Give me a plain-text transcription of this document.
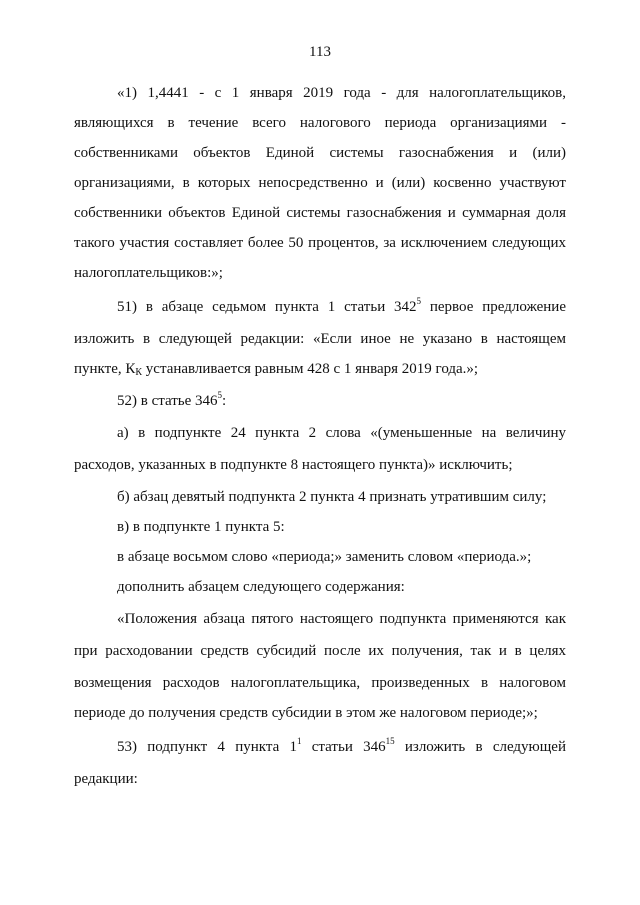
113
«1) 1,4441 - с 1 января 2019 года - для налогоплательщиков,
являющихся в течение всего налогового периода организациями -
собственниками объектов Единой системы газоснабжения и (или)
организациями, в которых непосредственно и (или) косвенно участвуют
собственники объектов Единой системы газоснабжения и суммарная доля
такого участия составляет более 50 процентов, за исключением следующих
налогоплательщиков:»;
51) в абзаце седьмом пункта 1 статьи $342^5$ первое предложение
изложить в следующей редакции: «Если иное не указано в настоящем
пункте, $К_К$ устанавливается равным 428 с 1 января 2019 года.»;
52) в статье $346^5$:
а) в подпункте 24 пункта 2 слова «(уменьшенные на величину
расходов, указанных в подпункте 8 настоящего пункта)» исключить;
б) абзац девятый подпункта 2 пункта 4 признать утратившим силу;
в) в подпункте 1 пункта 5:
в абзаце восьмом слово «периода;» заменить словом «периода.»;
дополнить абзацем следующего содержания:
«Положения абзаца пятого настоящего подпункта применяются как
при расходовании средств субсидий после их получения, так и в целях
возмещения расходов налогоплательщика, произведенных в налоговом
периоде до получения средств субсидии в этом же налоговом периоде;»;
53) подпункт 4 пункта $1^1$ статьи $346^{15}$ изложить в следующей
редакции:
